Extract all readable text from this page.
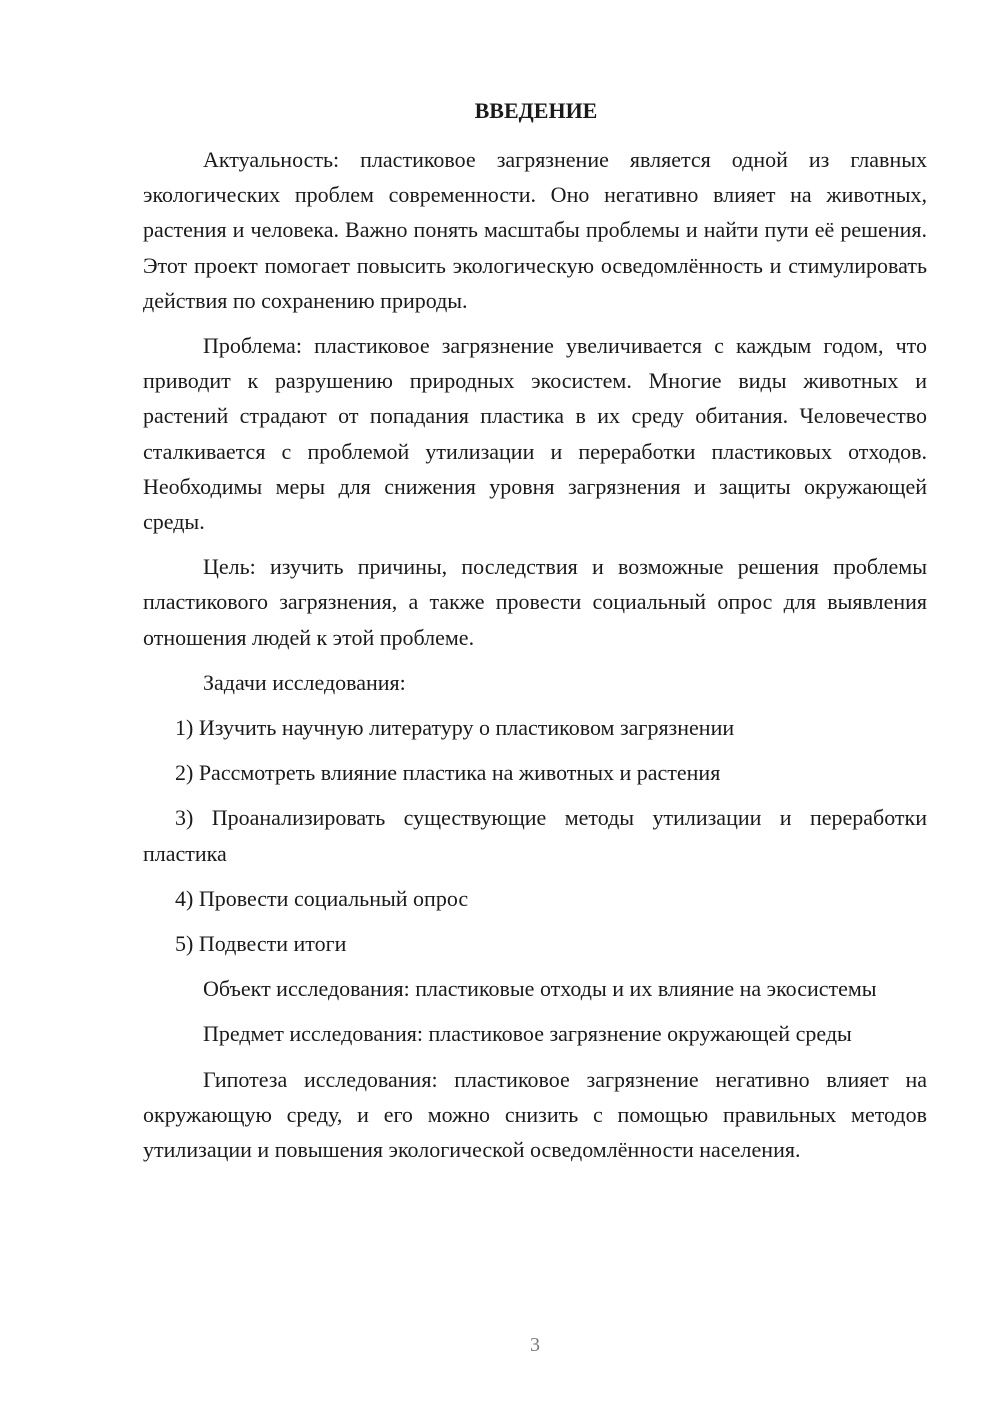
ВВЕДЕНИЕ

Актуальность: пластиковое загрязнение является одной из главных экологических проблем современности. Оно негативно влияет на животных, растения и человека. Важно понять масштабы проблемы и найти пути её решения. Этот проект помогает повысить экологическую осведомлённость и стимулировать действия по сохранению природы.

Проблема: пластиковое загрязнение увеличивается с каждым годом, что приводит к разрушению природных экосистем. Многие виды животных и растений страдают от попадания пластика в их среду обитания. Человечество сталкивается с проблемой утилизации и переработки пластиковых отходов. Необходимы меры для снижения уровня загрязнения и защиты окружающей среды.

Цель: изучить причины, последствия и возможные решения проблемы пластикового загрязнения, а также провести социальный опрос для выявления отношения людей к этой проблеме.

Задачи исследования:

1) Изучить научную литературу о пластиковом загрязнении

2) Рассмотреть влияние пластика на животных и растения

3) Проанализировать существующие методы утилизации и переработки пластика

4) Провести социальный опрос

5) Подвести итоги

Объект исследования: пластиковые отходы и их влияние на экосистемы

Предмет исследования: пластиковое загрязнение окружающей среды

Гипотеза исследования: пластиковое загрязнение негативно влияет на окружающую среду, и его можно снизить с помощью правильных методов утилизации и повышения экологической осведомлённости населения.

3
